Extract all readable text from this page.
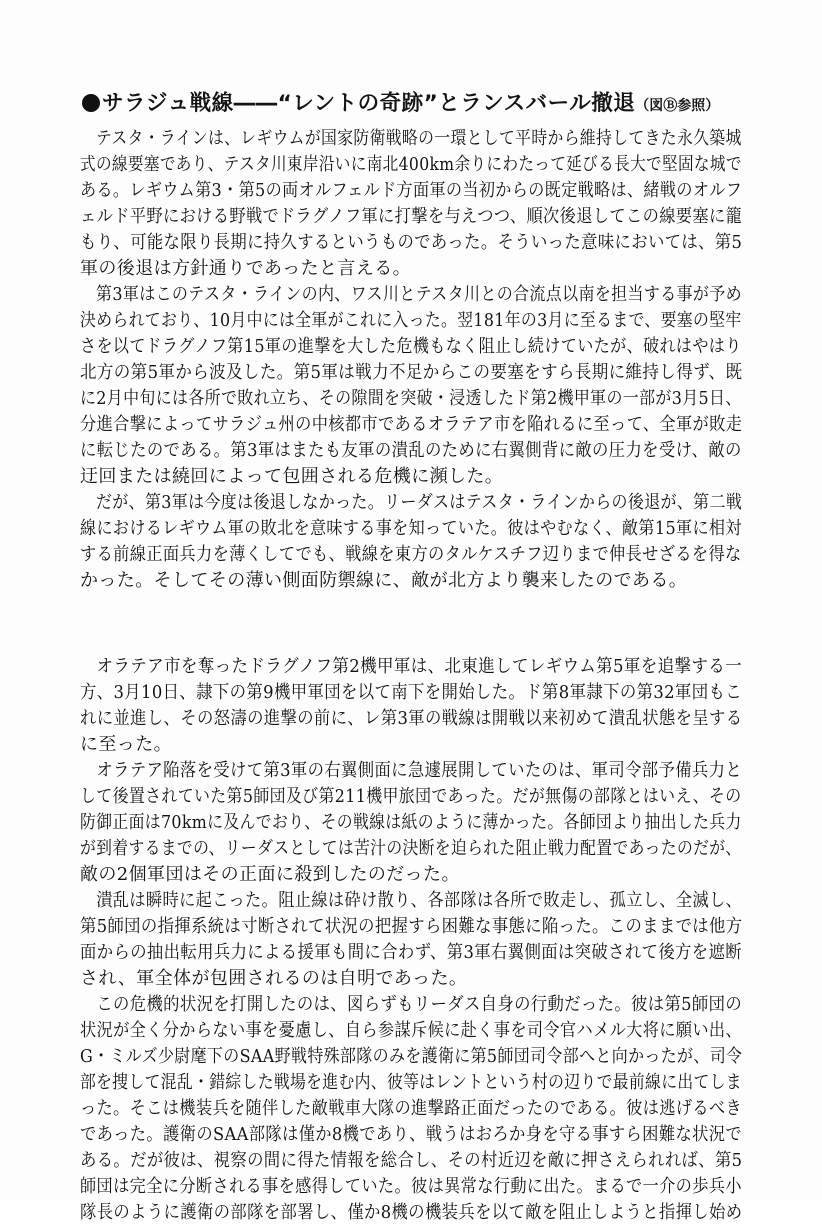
サラジュ戦線――“レントの奇跡”とランスバール撤退（図Ⓑ参照）
テスタ・ラインは、レギウムが国家防衛戦略の一環として平時から維持してきた永久築城
式の線要塞であり、テスタ川東岸沿いに南北400km余りにわたって延びる長大で堅固な城で
ある。レギウム第3・第5の両オルフェルド方面軍の当初からの既定戦略は、緒戦のオルフ
ェルド平野における野戦でドラグノフ軍に打撃を与えつつ、順次後退してこの線要塞に籠
もり、可能な限り長期に持久するというものであった。そういった意味においては、第5
軍の後退は方針通りであったと言える。
第3軍はこのテスタ・ラインの内、ワス川とテスタ川との合流点以南を担当する事が予め
決められており、10月中には全軍がこれに入った。翌181年の3月に至るまで、要塞の堅牢
さを以てドラグノフ第15軍の進撃を大した危機もなく阻止し続けていたが、破れはやはり
北方の第5軍から波及した。第5軍は戦力不足からこの要塞をすら長期に維持し得ず、既
に2月中旬には各所で敗れ立ち、その隙間を突破・浸透したド第2機甲軍の一部が3月5日、
分進合撃によってサラジュ州の中核都市であるオラテア市を陥れるに至って、全軍が敗走
に転じたのである。第3軍はまたも友軍の潰乱のために右翼側背に敵の圧力を受け、敵の
迂回または繞回によって包囲される危機に瀕した。
だが、第3軍は今度は後退しなかった。リーダスはテスタ・ラインからの後退が、第二戦
線におけるレギウム軍の敗北を意味する事を知っていた。彼はやむなく、敵第15軍に相対
する前線正面兵力を薄くしてでも、戦線を東方のタルケスチフ辺りまで伸長せざるを得な
かった。そしてその薄い側面防禦線に、敵が北方より襲来したのである。
オラテア市を奪ったドラグノフ第2機甲軍は、北東進してレギウム第5軍を追撃する一
方、3月10日、隷下の第9機甲軍団を以て南下を開始した。ド第8軍隷下の第32軍団もこ
れに並進し、その怒濤の進撃の前に、レ第3軍の戦線は開戦以来初めて潰乱状態を呈する
に至った。
オラテア陥落を受けて第3軍の右翼側面に急遽展開していたのは、軍司令部予備兵力と
して後置されていた第5師団及び第211機甲旅団であった。だが無傷の部隊とはいえ、その
防御正面は70kmに及んでおり、その戦線は紙のように薄かった。各師団より抽出した兵力
が到着するまでの、リーダスとしては苦汁の決断を迫られた阻止戦力配置であったのだが、
敵の2個軍団はその正面に殺到したのだった。
潰乱は瞬時に起こった。阻止線は砕け散り、各部隊は各所で敗走し、孤立し、全滅し、
第5師団の指揮系統は寸断されて状況の把握すら困難な事態に陥った。このままでは他方
面からの抽出転用兵力による援軍も間に合わず、第3軍右翼側面は突破されて後方を遮断
され、軍全体が包囲されるのは自明であった。
この危機的状況を打開したのは、図らずもリーダス自身の行動だった。彼は第5師団の
状況が全く分からない事を憂慮し、自ら参謀斥候に赴く事を司令官ハメル大将に願い出、
G・ミルズ少尉麾下のSAA野戦特殊部隊のみを護衛に第5師団司令部へと向かったが、司令
部を捜して混乱・錯綜した戦場を進む内、彼等はレントという村の辺りで最前線に出てしま
った。そこは機装兵を随伴した敵戦車大隊の進撃路正面だったのである。彼は逃げるべき
であった。護衛のSAA部隊は僅か8機であり、戦うはおろか身を守る事すら困難な状況で
ある。だが彼は、視察の間に得た情報を総合し、その村近辺を敵に押さえられれば、第5
師団は完全に分断される事を感得していた。彼は異常な行動に出た。まるで一介の歩兵小
隊長のように護衛の部隊を部署し、僅か8機の機装兵を以て敵を阻止しようと指揮し始め
